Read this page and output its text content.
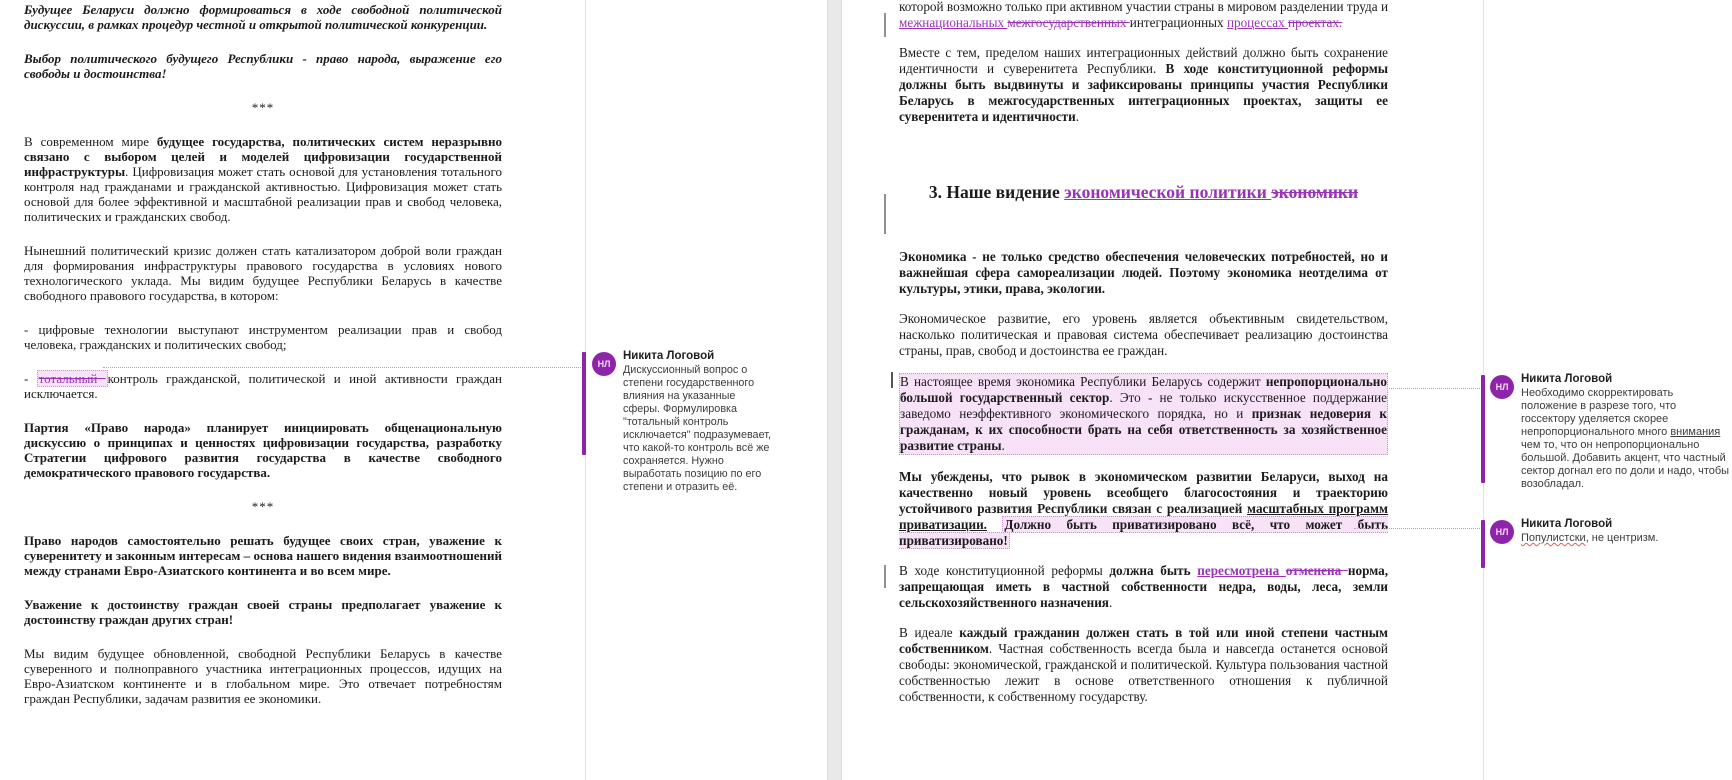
Будущее Беларуси должно формироваться в ходе свободной политической дискуссии, в рамках процедур честной и открытой политической конкуренции.
Выбор политического будущего Республики - право народа, выражение его свободы и достоинства!
***
В современном мире будущее государства, политических систем неразрывно связано с выбором целей и моделей цифровизации государственной инфраструктуры. Цифровизация может стать основой для установления тотального контроля над гражданами и гражданской активностью. Цифровизация может стать основой для более эффективной и масштабной реализации прав и свобод человека, политических и гражданских свобод.
Нынешний политический кризис должен стать катализатором доброй воли граждан для формирования инфраструктуры правового государства в условиях нового технологического уклада. Мы видим будущее Республики Беларусь в качестве свободного правового государства, в котором:
- цифровые технологии выступают инструментом реализации прав и свобод человека, гражданских и политических свобод;
- тотальный контроль гражданской, политической и иной активности граждан исключается.
Партия «Право народа» планирует инициировать общенациональную дискуссию о принципах и ценностях цифровизации государства, разработку Стратегии цифрового развития государства в качестве свободного демократического правового государства.
***
Право народов самостоятельно решать будущее своих стран, уважение к суверенитету и законным интересам – основа нашего видения взаимоотношений между странами Евро-Азиатского континента и во всем мире.
Уважение к достоинству граждан своей страны предполагает уважение к достоинству граждан других стран!
Мы видим будущее обновленной, свободной Республики Беларусь в качестве суверенного и полноправного участника интеграционных процессов, идущих на Евро-Азиатском континенте и в глобальном мире. Это отвечает потребностям граждан Республики, задачам развития ее экономики.
НЛ
Никита Логовой
Дискуссионный вопрос о степени государственного влияния на указанные сферы. Формулировка "тотальный контроль исключается" подразумевает, что какой-то контроль всё же сохраняется. Нужно выработать позицию по его степени и отразить её.
которой возможно только при активном участии страны в мировом разделении труда и межнациональных межгосударственных интеграционных процессах проектах.
Вместе с тем, пределом наших интеграционных действий должно быть сохранение идентичности и суверенитета Республики. В ходе конституционной реформы должны быть выдвинуты и зафиксированы принципы участия Республики Беларусь в межгосударственных интеграционных проектах, защиты ее суверенитета и идентичности.
3. Наше видение экономической политики экономики
Экономика - не только средство обеспечения человеческих потребностей, но и важнейшая сфера самореализации людей. Поэтому экономика неотделима от культуры, этики, права, экологии.
Экономическое развитие, его уровень является объективным свидетельством, насколько политическая и правовая система обеспечивает реализацию достоинства страны, прав, свобод и достоинства ее граждан.
В настоящее время экономика Республики Беларусь содержит непропорционально большой государственный сектор. Это - не только искусственное поддержание заведомо неэффективного экономического порядка, но и признак недоверия к гражданам, к их способности брать на себя ответственность за хозяйственное развитие страны.
Мы убеждены, что рывок в экономическом развитии Беларуси, выход на качественно новый уровень всеобщего благосостояния и траекторию устойчивого развития Республики связан с реализацией масштабных программ приватизации. Должно быть приватизировано всё, что может быть приватизировано!
В ходе конституционной реформы должна быть пересмотрена отменена норма, запрещающая иметь в частной собственности недра, воды, леса, земли сельскохозяйственного назначения.
В идеале каждый гражданин должен стать в той или иной степени частным собственником. Частная собственность всегда была и навсегда останется основой свободы: экономической, гражданской и политической. Культура пользования частной собственностью лежит в основе ответственного отношения к публичной собственности, к собственному государству.
НЛ
Никита Логовой
Необходимо скорректировать положение в разрезе того, что госсектору уделяется скорее непропорционального много внимания чем то, что он непропорционально большой. Добавить акцент, что частный сектор догнал его по доли и надо, чтобы возобладал.
НЛ
Никита Логовой
Популистски, не центризм.
